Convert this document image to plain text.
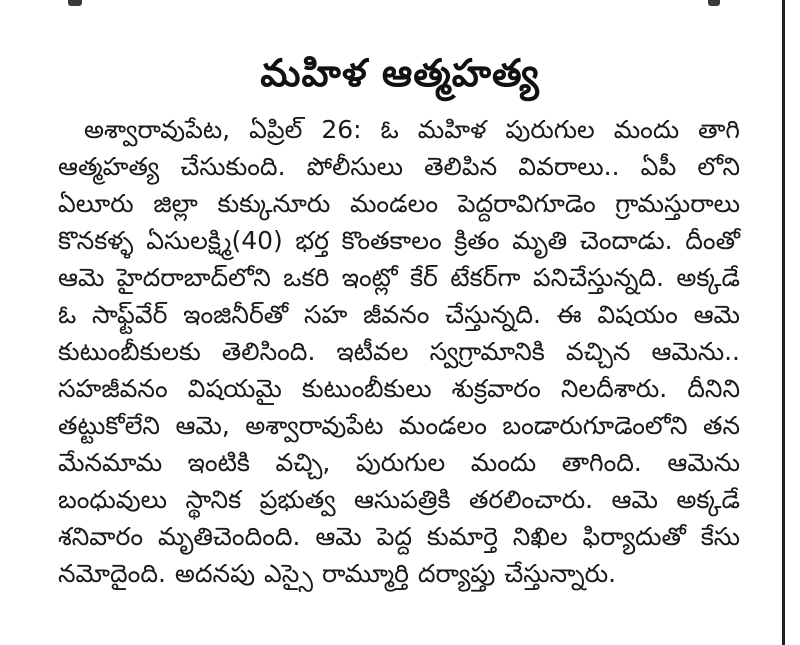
మహిళ ఆత్మహత్య

అశ్వారావుపేట, ఏప్రిల్ 26: ఓ మహిళ పురుగుల మందు తాగి ఆత్మహత్య చేసుకుంది. పోలీసులు తెలిపిన వివరాలు.. ఏపీ లోని ఏలూరు జిల్లా కుక్కునూరు మండలం పెద్దరావిగూడెం గ్రామస్తురాలు కొనకళ్ళ ఏసులక్ష్మి(40) భర్త కొంతకాలం క్రితం మృతి చెందాడు. దీంతో ఆమె హైదరాబాద్‌లోని ఒకరి ఇంట్లో కేర్ టేకర్‌గా పనిచేస్తున్నది. అక్కడే ఓ సాఫ్ట్‌వేర్ ఇంజినీర్‌తో సహ జీవనం చేస్తున్నది. ఈ విషయం ఆమె కుటుంబీకులకు తెలిసింది. ఇటీవల స్వగ్రామానికి వచ్చిన ఆమెను.. సహజీవనం విషయమై కుటుంబీకులు శుక్రవారం నిలదీశారు. దీనిని తట్టుకోలేని ఆమె, అశ్వారావుపేట మండలం బండారుగూడెంలోని తన మేనమామ ఇంటికి వచ్చి, పురుగుల మందు తాగింది. ఆమెను బంధువులు స్థానిక ప్రభుత్వ ఆసుపత్రికి తరలించారు. ఆమె అక్కడే శనివారం మృతిచెందింది. ఆమె పెద్ద కుమార్తె నిఖిల ఫిర్యాదుతో కేసు నమోదైంది. అదనపు ఎస్సై రామ్మూర్తి దర్యాప్తు చేస్తున్నారు.
